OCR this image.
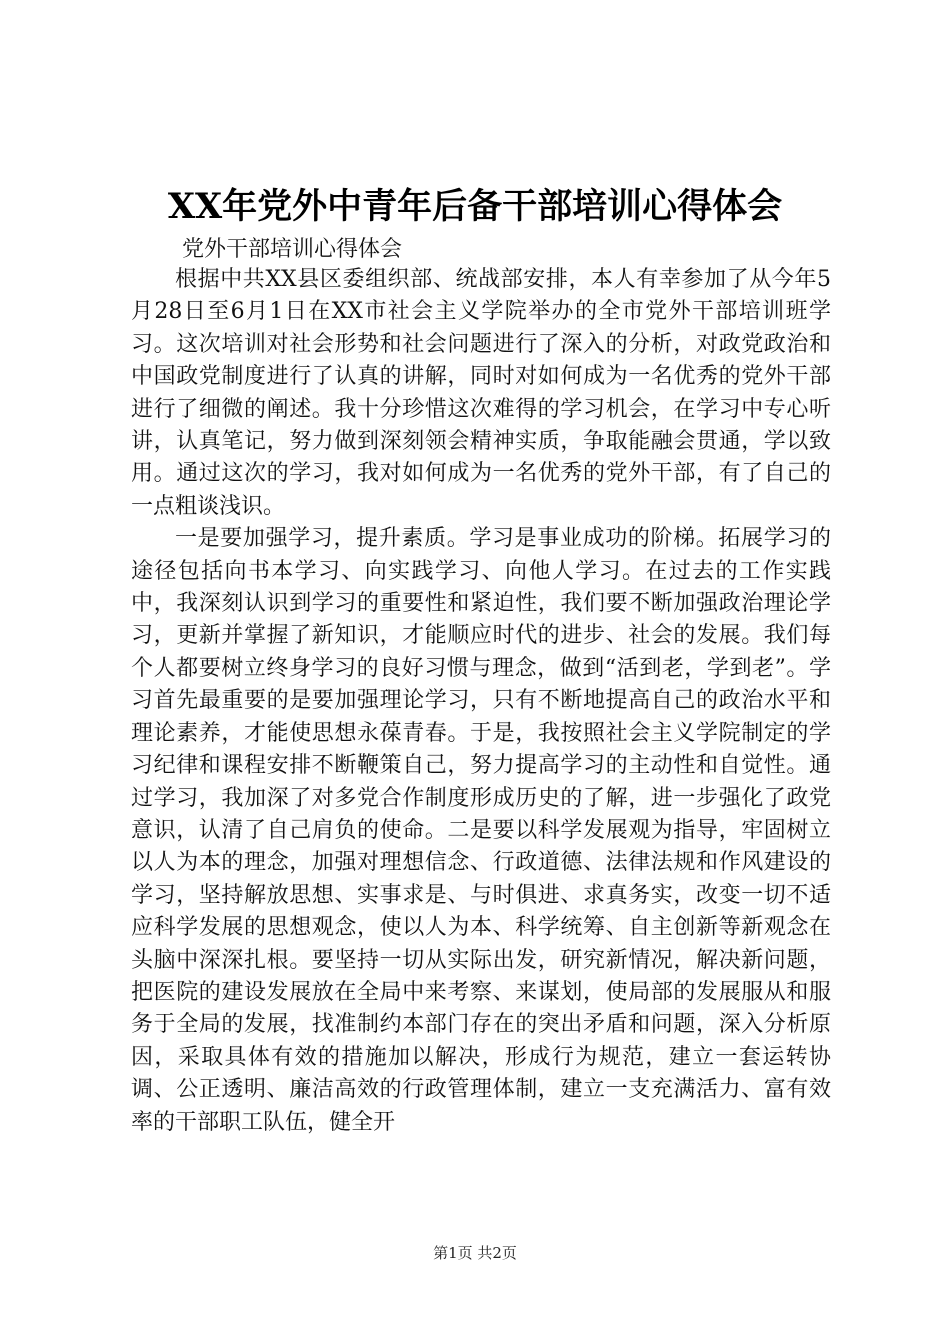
XX年党外中青年后备干部培训心得体会
党外干部培训心得体会

根据中共XX县区委组织部、统战部安排，本人有幸参加了从今年5月28日至6月1日在XX市社会主义学院举办的全市党外干部培训班学习。这次培训对社会形势和社会问题进行了深入的分析，对政党政治和中国政党制度进行了认真的讲解，同时对如何成为一名优秀的党外干部进行了细微的阐述。我十分珍惜这次难得的学习机会，在学习中专心听讲，认真笔记，努力做到深刻领会精神实质，争取能融会贯通，学以致用。通过这次的学习，我对如何成为一名优秀的党外干部，有了自己的一点粗谈浅识。

一是要加强学习，提升素质。学习是事业成功的阶梯。拓展学习的途径包括向书本学习、向实践学习、向他人学习。在过去的工作实践中，我深刻认识到学习的重要性和紧迫性，我们要不断加强政治理论学习，更新并掌握了新知识，才能顺应时代的进步、社会的发展。我们每个人都要树立终身学习的良好习惯与理念，做到“活到老，学到老”。学习首先最重要的是要加强理论学习，只有不断地提高自己的政治水平和理论素养，才能使思想永葆青春。于是，我按照社会主义学院制定的学习纪律和课程安排不断鞭策自己，努力提高学习的主动性和自觉性。通过学习，我加深了对多党合作制度形成历史的了解，进一步强化了政党意识，认清了自己肩负的使命。二是要以科学发展观为指导，牢固树立以人为本的理念，加强对理想信念、行政道德、法律法规和作风建设的学习，坚持解放思想、实事求是、与时俱进、求真务实，改变一切不适应科学发展的思想观念，使以人为本、科学统筹、自主创新等新观念在头脑中深深扎根。要坚持一切从实际出发，研究新情况，解决新问题，把医院的建设发展放在全局中来考察、来谋划，使局部的发展服从和服务于全局的发展，找准制约本部门存在的突出矛盾和问题，深入分析原因，采取具体有效的措施加以解决，形成行为规范，建立一套运转协调、公正透明、廉洁高效的行政管理体制，建立一支充满活力、富有效率的干部职工队伍，健全开

第1页 共2页
